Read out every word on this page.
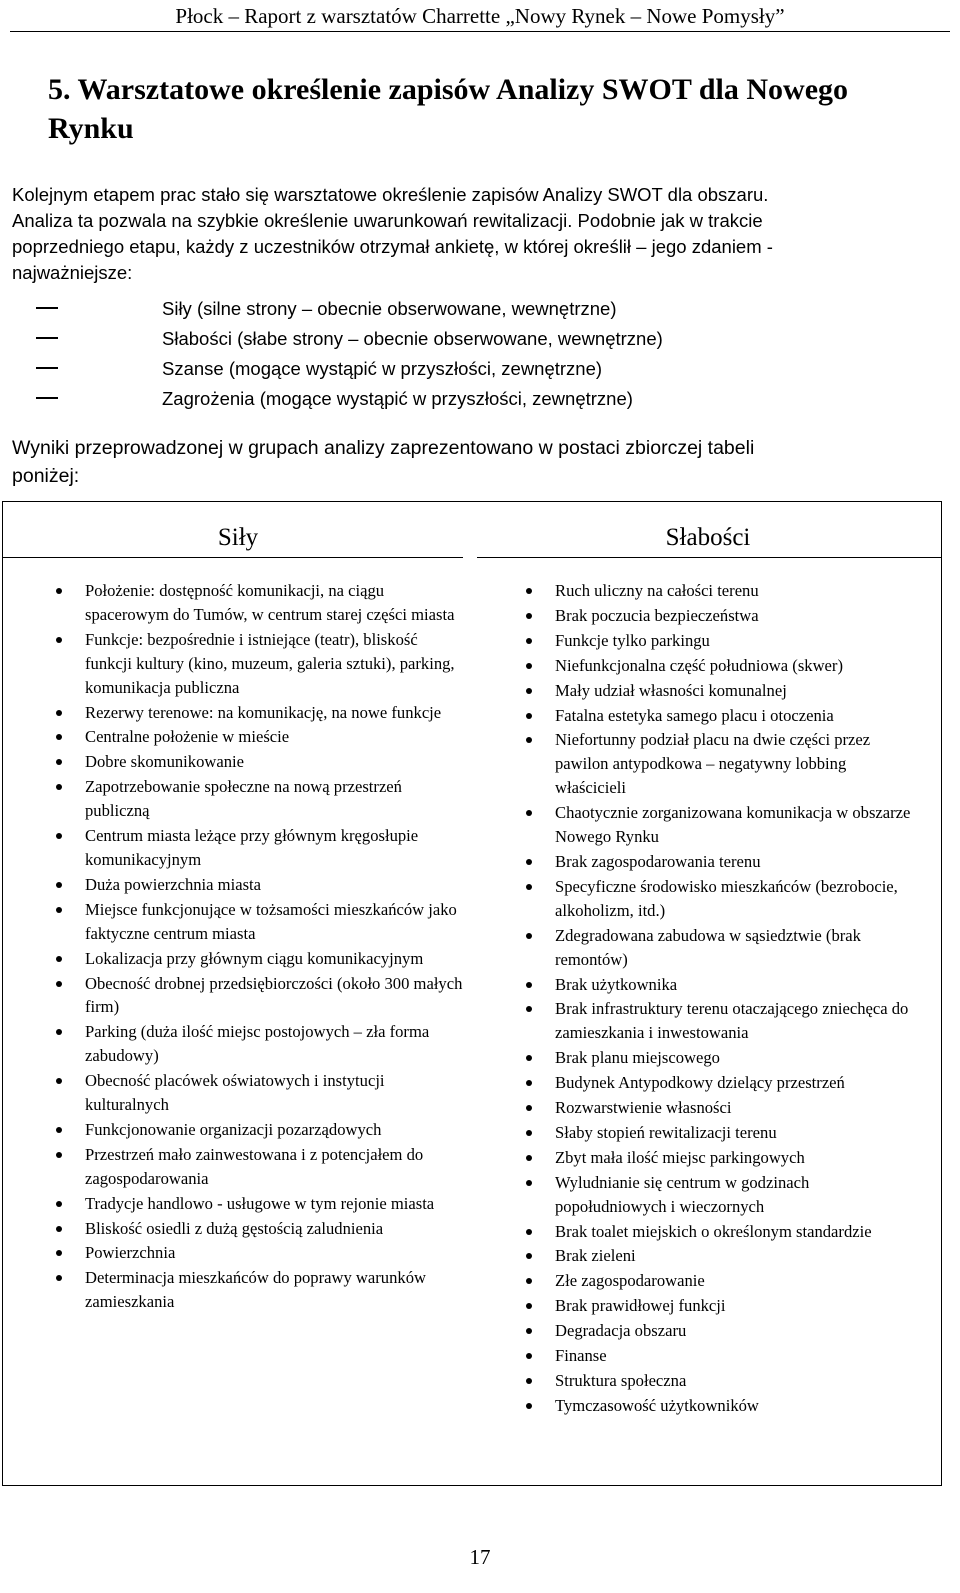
Płock – Raport z warsztatów Charrette „Nowy Rynek – Nowe Pomysły”
5. Warsztatowe określenie zapisów Analizy SWOT dla Nowego
Rynku
Kolejnym etapem prac stało się warsztatowe określenie zapisów Analizy SWOT dla obszaru.
Analiza ta pozwala na szybkie określenie uwarunkowań rewitalizacji. Podobnie jak w trakcie
poprzedniego etapu, każdy z uczestników otrzymał ankietę, w której określił – jego zdaniem -
najważniejsze:
Siły (silne strony – obecnie obserwowane, wewnętrzne)
Słabości (słabe strony – obecnie obserwowane, wewnętrzne)
Szanse (mogące wystąpić w przyszłości, zewnętrzne)
Zagrożenia (mogące wystąpić w przyszłości, zewnętrzne)
Wyniki przeprowadzonej w grupach analizy zaprezentowano w postaci zbiorczej tabeli
poniżej:
Siły	Słabości
Położenie: dostępność komunikacji, na ciągu spacerowym do Tumów, w centrum starej części miasta
Funkcje: bezpośrednie i istniejące (teatr), bliskość funkcji kultury (kino, muzeum, galeria sztuki), parking, komunikacja publiczna
Rezerwy terenowe: na komunikację, na nowe funkcje
Centralne położenie w mieście
Dobre skomunikowanie
Zapotrzebowanie społeczne na nową przestrzeń publiczną
Centrum miasta leżące przy głównym kręgosłupie komunikacyjnym
Duża powierzchnia miasta
Miejsce funkcjonujące w tożsamości mieszkańców jako faktyczne centrum miasta
Lokalizacja przy głównym ciągu komunikacyjnym
Obecność drobnej przedsiębiorczości (około 300 małych firm)
Parking (duża ilość miejsc postojowych – zła forma zabudowy)
Obecność placówek oświatowych i instytucji kulturalnych
Funkcjonowanie organizacji pozarządowych
Przestrzeń mało zainwestowana i z potencjałem do zagospodarowania
Tradycje handlowo - usługowe w tym rejonie miasta
Bliskość osiedli z dużą gęstością zaludnienia
Powierzchnia
Determinacja mieszkańców do poprawy warunków zamieszkania
Ruch uliczny na całości terenu
Brak poczucia bezpieczeństwa
Funkcje tylko parkingu
Niefunkcjonalna część południowa (skwer)
Mały udział własności komunalnej
Fatalna estetyka samego placu i otoczenia
Niefortunny podział placu na dwie części przez pawilon antypodkowa – negatywny lobbing właścicieli
Chaotycznie zorganizowana komunikacja w obszarze Nowego Rynku
Brak zagospodarowania terenu
Specyficzne środowisko mieszkańców (bezrobocie, alkoholizm, itd.)
Zdegradowana zabudowa w sąsiedztwie (brak remontów)
Brak użytkownika
Brak infrastruktury terenu otaczającego zniechęca do zamieszkania i inwestowania
Brak planu miejscowego
Budynek Antypodkowy dzielący przestrzeń
Rozwarstwienie własności
Słaby stopień rewitalizacji terenu
Zbyt mała ilość miejsc parkingowych
Wyludnianie się centrum w godzinach popołudniowych i wieczornych
Brak toalet miejskich o określonym standardzie
Brak zieleni
Złe zagospodarowanie
Brak prawidłowej funkcji
Degradacja obszaru
Finanse
Struktura społeczna
Tymczasowość użytkowników
17
